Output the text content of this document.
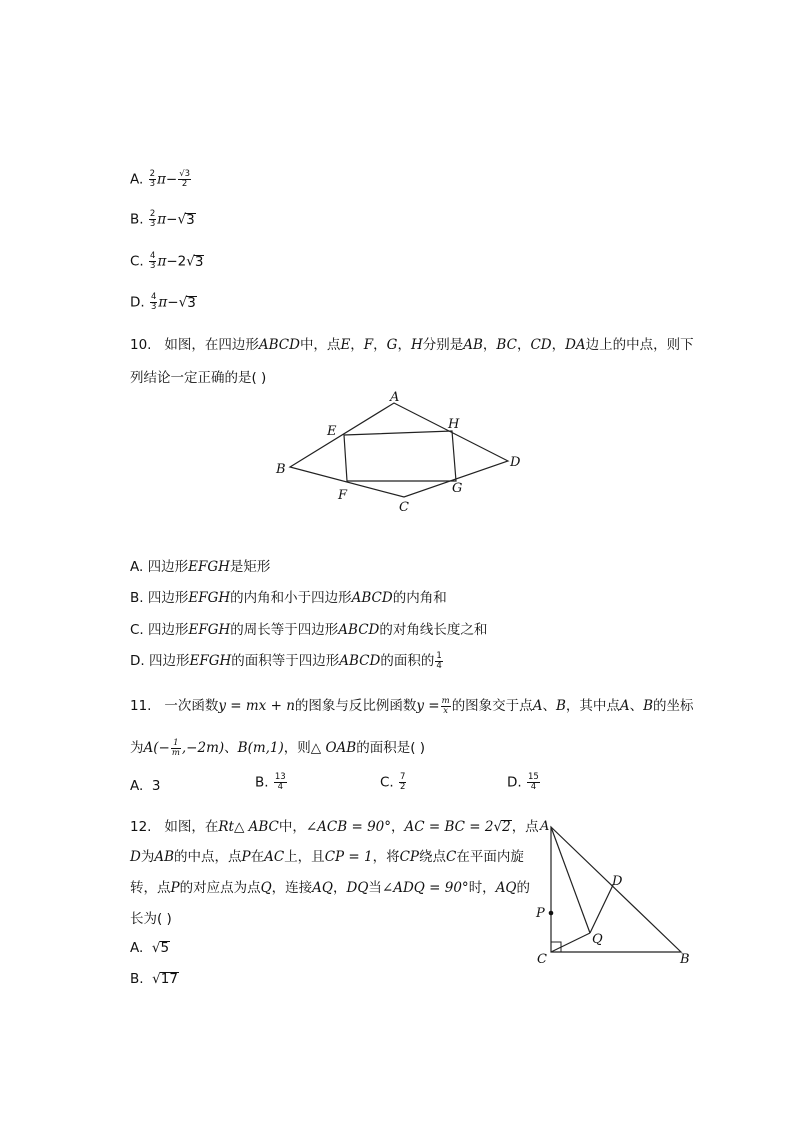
A. $\frac{2}{3} \pi- \frac{√3}{2}$
B. $\frac{2}{3} \pi-√3$
C. $\frac{4}{3} \pi-2√3$
D. $\frac{4}{3} \pi-√3$
10. 如图，在四边形ABCD中，点E，F，G，H分别是AB，BC，CD，DA边上的中点，则下
列结论一定正确的是( )
A
B
C
D
E
F	G
H
A. 四边形EFGH是矩形
B. 四边形EFGH的内角和小于四边形ABCD的内角和
C. 四边形EFGH的周长等于四边形ABCD的对角线长度之和
D. 四边形EFGH的面积等于四边形ABCD的面积的 $\frac{1}{4}$
11. 一次函数y = mx + n的图象与反比例函数$y = \frac{m}{x}$ 的图象交于点A、B，其中点A、B的坐标
为$A(- \frac{1}{m} ,-2m)$、B(m,1)，则△ OAB的面积是( )
A. 3	B. $\frac{13}{4}$	C. $\frac{7}{2}$	D. $\frac{15}{4}$
12. 如图，在Rt△ ABC中，∠ACB = 90°，AC = BC = 2√2，点
D为AB的中点，点P在AC上，且CP = 1，将CP绕点C在平面内旋
转，点P的对应点为点Q，连接AQ，DQ当∠ADQ = 90°时，AQ的
长为( )
A. √5
B. √17
A
B
C
D
P
Q
